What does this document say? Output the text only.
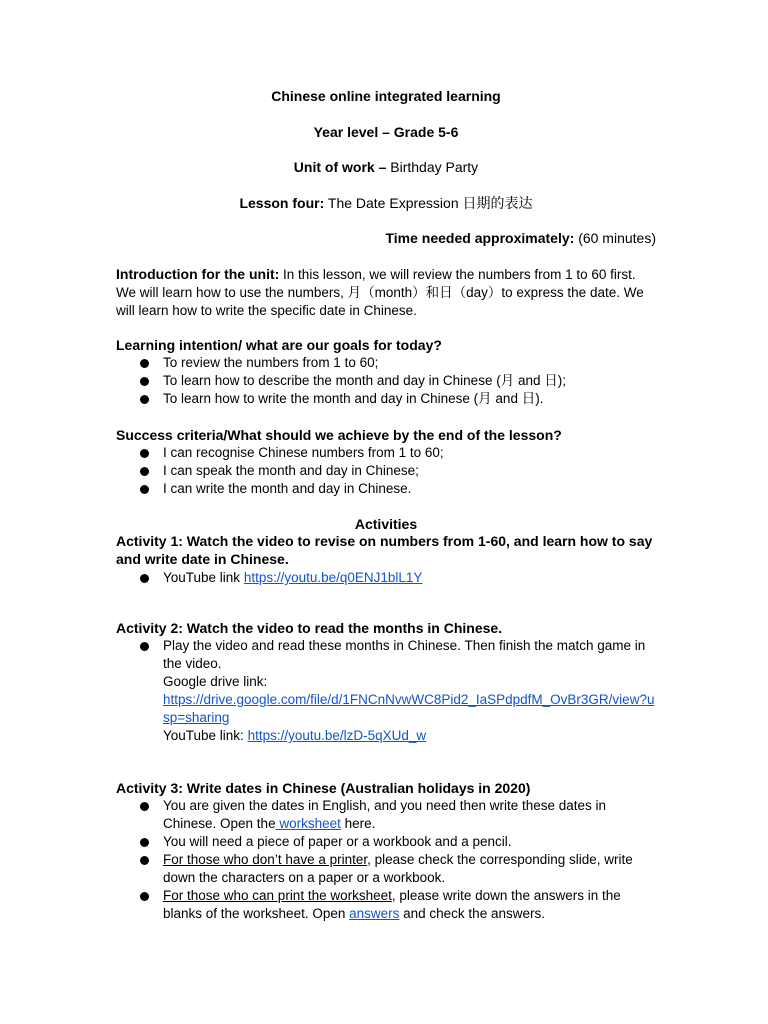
Chinese online integrated learning
Year level – Grade 5-6
Unit of work – Birthday Party
Lesson four: The Date Expression 日期的表达
Time needed approximately: (60 minutes)
Introduction for the unit: In this lesson, we will review the numbers from 1 to 60 first. We will learn how to use the numbers, 月（month）和日（day）to express the date. We will learn how to write the specific date in Chinese.
Learning intention/ what are our goals for today?
To review the numbers from 1 to 60;
To learn how to describe the month and day in Chinese (月 and 日);
To learn how to write the month and day in Chinese (月 and 日).
Success criteria/What should we achieve by the end of the lesson?
I can recognise Chinese numbers from 1 to 60;
I can speak the month and day in Chinese;
I can write the month and day in Chinese.
Activities
Activity 1: Watch the video to revise on numbers from 1-60, and learn how to say and write date in Chinese.
YouTube link https://youtu.be/q0ENJ1blL1Y
Activity 2: Watch the video to read the months in Chinese.
Play the video and read these months in Chinese. Then finish the match game in the video.
Google drive link:
https://drive.google.com/file/d/1FNCnNvwWC8Pid2_IaSPdpdfM_OvBr3GR/view?usp=sharing
YouTube link: https://youtu.be/lzD-5qXUd_w
Activity 3: Write dates in Chinese (Australian holidays in 2020)
You are given the dates in English, and you need then write these dates in Chinese. Open the worksheet here.
You will need a piece of paper or a workbook and a pencil.
For those who don’t have a printer, please check the corresponding slide, write down the characters on a paper or a workbook.
For those who can print the worksheet, please write down the answers in the blanks of the worksheet. Open answers and check the answers.
